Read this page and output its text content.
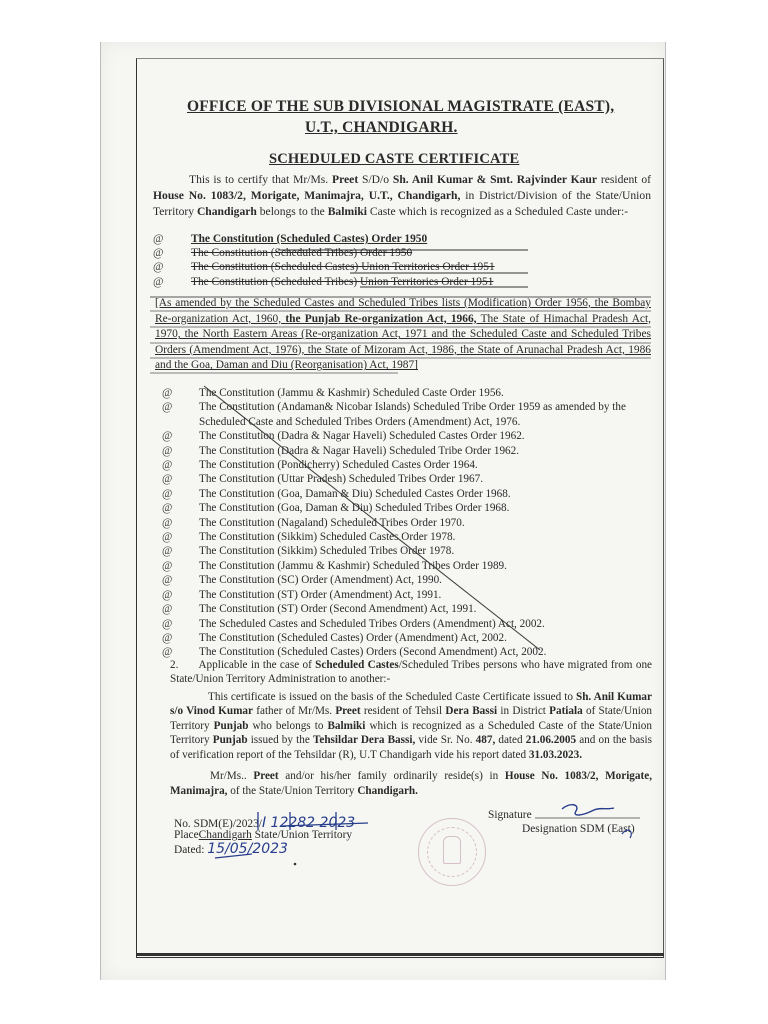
OFFICE OF THE SUB DIVISIONAL MAGISTRATE (EAST),
U.T., CHANDIGARH.
SCHEDULED CASTE CERTIFICATE
This is to certify that Mr/Ms. Preet S/D/o Sh. Anil Kumar & Smt. Rajvinder Kaur resident of House No. 1083/2, Morigate, Manimajra, U.T., Chandigarh, in District/Division of the State/Union Territory Chandigarh belongs to the Balmiki Caste which is recognized as a Scheduled Caste under:-
@ The Constitution (Scheduled Castes) Order 1950
@ The Constitution (Scheduled Tribes) Order 1950
@ The Constitution (Scheduled Castes) Union Territories Order 1951
@ The Constitution (Scheduled Tribes) Union Territories Order 1951
[As amended by the Scheduled Castes and Scheduled Tribes lists (Modification) Order 1956, the Bombay Re-organization Act, 1960, the Punjab Re-organization Act, 1966, The State of Himachal Pradesh Act, 1970, the North Eastern Areas (Re-organization Act, 1971 and the Scheduled Caste and Scheduled Tribes Orders (Amendment Act, 1976), the State of Mizoram Act, 1986, the State of Arunachal Pradesh Act, 1986 and the Goa, Daman and Diu (Reorganisation) Act, 1987]
@ The Constitution (Jammu & Kashmir) Scheduled Caste Order 1956.
@ The Constitution (Andaman& Nicobar Islands) Scheduled Tribe Order 1959 as amended by the Scheduled Caste and Scheduled Tribes Orders (Amendment) Act, 1976.
@ The Constitution (Dadra & Nagar Haveli) Scheduled Castes Order 1962.
@ The Constitution (Dadra & Nagar Haveli) Scheduled Tribe Order 1962.
@ The Constitution (Pondicherry) Scheduled Castes Order 1964.
@ The Constitution (Uttar Pradesh) Scheduled Tribes Order 1967.
@ The Constitution (Goa, Daman & Diu) Scheduled Castes Order 1968.
@ The Constitution (Goa, Daman & Diu) Scheduled Tribes Order 1968.
@ The Constitution (Nagaland) Scheduled Tribes Order 1970.
@ The Constitution (Sikkim) Scheduled Castes Order 1978.
@ The Constitution (Sikkim) Scheduled Tribes Order 1978.
@ The Constitution (Jammu & Kashmir) Scheduled Tribes Order 1989.
@ The Constitution (SC) Order (Amendment) Act, 1990.
@ The Constitution (ST) Order (Amendment) Act, 1991.
@ The Constitution (ST) Order (Second Amendment) Act, 1991.
@ The Scheduled Castes and Scheduled Tribes Orders (Amendment) Act, 2002.
@ The Constitution (Scheduled Castes) Order (Amendment) Act, 2002.
@ The Constitution (Scheduled Castes) Orders (Second Amendment) Act, 2002.
2. Applicable in the case of Scheduled Castes/Scheduled Tribes persons who have migrated from one State/Union Territory Administration to another:-
This certificate is issued on the basis of the Scheduled Caste Certificate issued to Sh. Anil Kumar s/o Vinod Kumar father of Mr/Ms. Preet resident of Tehsil Dera Bassi in District Patiala of State/Union Territory Punjab who belongs to Balmiki which is recognized as a Scheduled Caste of the State/Union Territory Punjab issued by the Tehsildar Dera Bassi, vide Sr. No. 487, dated 21.06.2005 and on the basis of verification report of the Tehsildar (R), U.T Chandigarh vide his report dated 31.03.2023.
Mr/Ms.. Preet and/or his/her family ordinarily reside(s) in House No. 1083/2, Morigate, Manimajra, of the State/Union Territory Chandigarh.
No. SDM(E)/2023/I 12282 2023
PlaceChandigarh State/Union Territory
Dated: 15/05/2023
Signature
Designation SDM (East)
